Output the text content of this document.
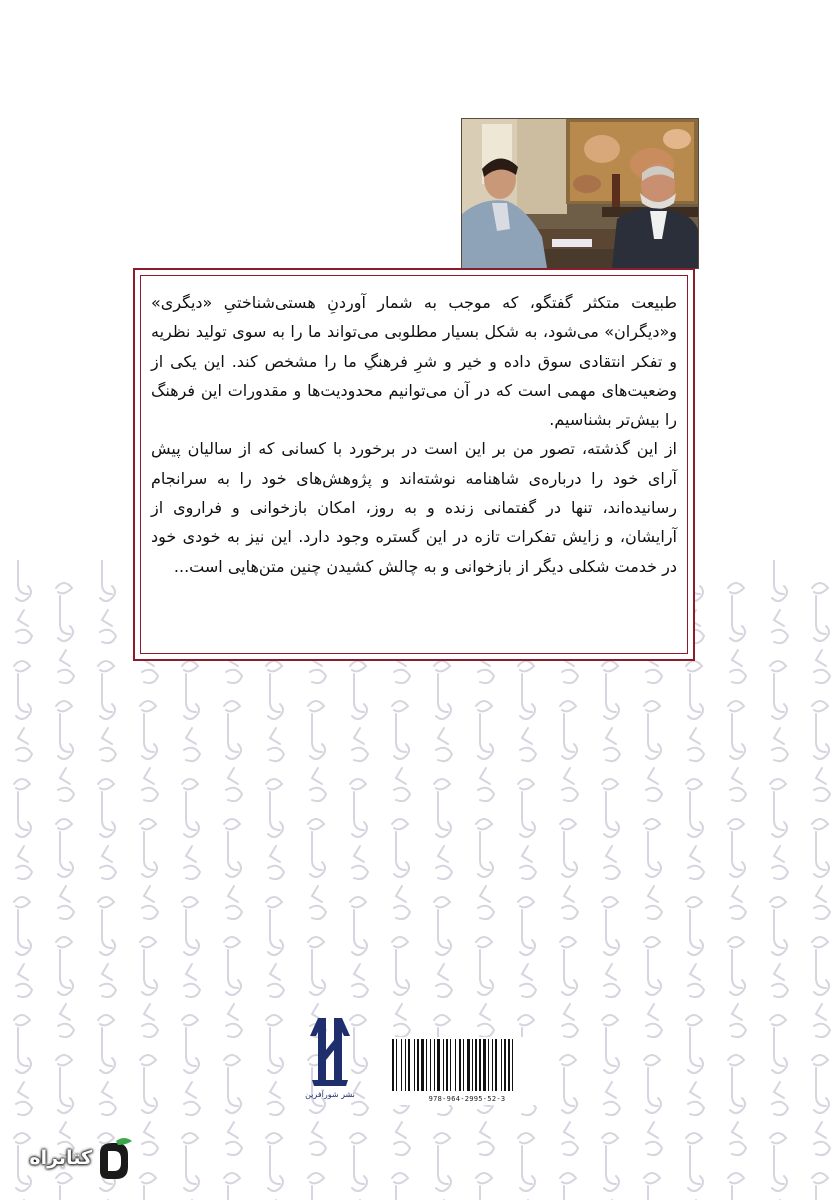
طبیعت متکثر گفتگو، که موجب به شمار آوردنِ هستی‌شناختیِ «دیگری» و«دیگران» می‌شود، به شکل بسیار مطلوبی می‌تواند ما را به سوی تولید نظریه و تفکر انتقادی سوق داده و خیر و شرِ فرهنگِ ما را مشخص کند. این یکی از وضعیت‌های مهمی است که در آن می‌توانیم محدودیت‌ها و مقدورات این فرهنگ را بیش‌تر بشناسیم.

از این گذشته، تصور من بر این است در برخورد با کسانی که از سالیان پیش آرای خود را درباره‌ی شاهنامه نوشته‌اند و پژوهش‌های خود را به سرانجام رسانیده‌اند، تنها در گفتمانی زنده و به روز، امکان بازخوانی و فراروی از آرایشان، و زایش تفکرات تازه در این گستره وجود دارد. این نیز به خودی خود در خدمت شکلی دیگر از بازخوانی و به چالش کشیدن چنین متن‌هایی است...

نشر شورآفرین	978-964-2995-52-3
کتابراه
